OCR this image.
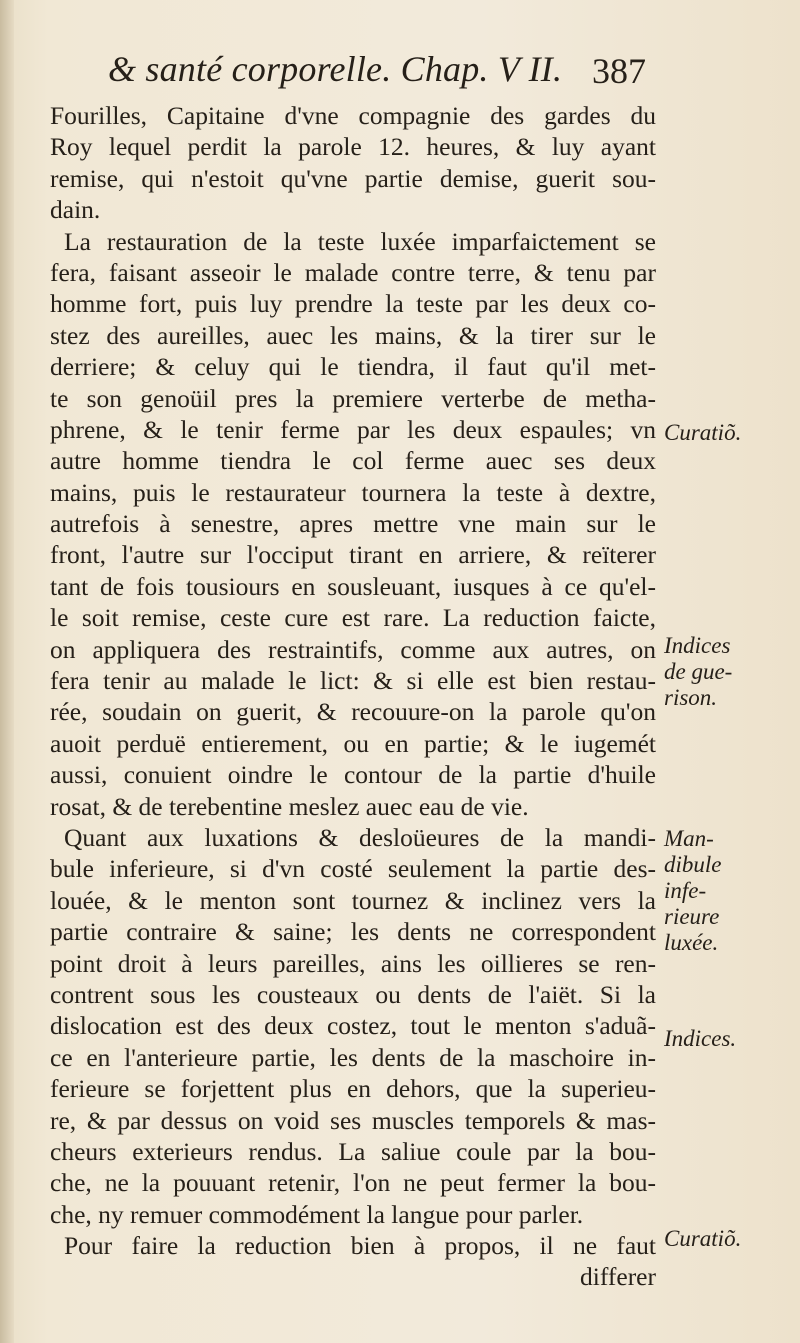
& santé corporelle. Chap. V II. 387
Fourilles, Capitaine d'vne compagnie des gardes du
Roy lequel perdit la parole 12. heures, & luy ayant
remise, qui n'estoit qu'vne partie demise, guerit sou-
dain.
La restauration de la teste luxée imparfaictement se
fera, faisant asseoir le malade contre terre, & tenu par
homme fort, puis luy prendre la teste par les deux co-
stez des aureilles, auec les mains, & la tirer sur le
derriere; & celuy qui le tiendra, il faut qu'il met-
te son genoüil pres la premiere verterbe de metha-
phrene, & le tenir ferme par les deux espaules; vn
autre homme tiendra le col ferme auec ses deux
mains, puis le restaurateur tournera la teste à dextre,
autrefois à senestre, apres mettre vne main sur le
front, l'autre sur l'occiput tirant en arriere, & reïterer
tant de fois tousiours en sousleuant, iusques à ce qu'el-
le soit remise, ceste cure est rare. La reduction faicte,
on appliquera des restraintifs, comme aux autres, on
fera tenir au malade le lict: & si elle est bien restau-
rée, soudain on guerit, & recouure-on la parole qu'on
auoit perduë entierement, ou en partie; & le iugemét
aussi, conuient oindre le contour de la partie d'huile
rosat, & de terebentine meslez auec eau de vie.
Quant aux luxations & desloüeures de la mandi-
bule inferieure, si d'vn costé seulement la partie des-
louée, & le menton sont tournez & inclinez vers la
partie contraire & saine; les dents ne correspondent
point droit à leurs pareilles, ains les oillieres se ren-
contrent sous les cousteaux ou dents de l'aiët. Si la
dislocation est des deux costez, tout le menton s'aduã-
ce en l'anterieure partie, les dents de la maschoire in-
ferieure se forjettent plus en dehors, que la superieu-
re, & par dessus on void ses muscles temporels & mas-
cheurs exterieurs rendus. La saliue coule par la bou-
che, ne la pouuant retenir, l'on ne peut fermer la bou-
che, ny remuer commodément la langue pour parler.
Pour faire la reduction bien à propos, il ne faut
differer
Curatiõ.
Indices
de gue-
rison.
Man-
dibule
infe-
rieure
luxée.
Indices.
Curatiõ.
